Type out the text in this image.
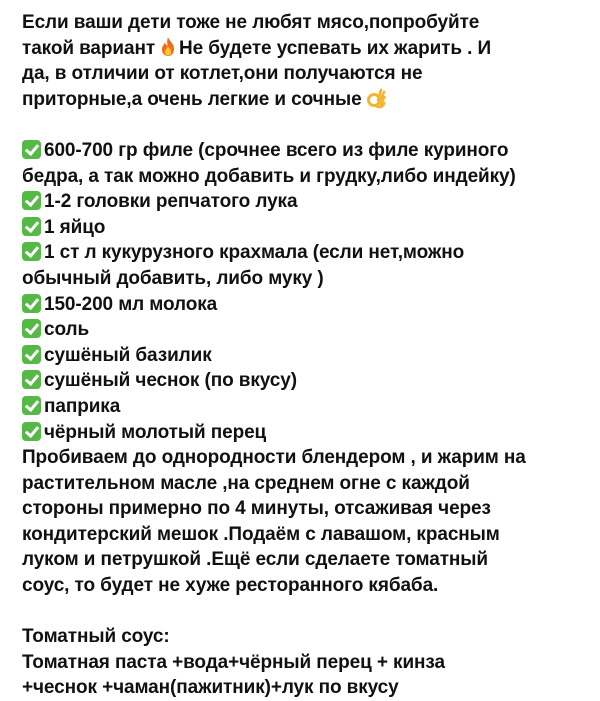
Если ваши дети тоже не любят мясо,попробуйте
такой вариант Не будете успевать их жарить . И
да, в отличии от котлет,они получаются не
приторные,а очень легкие и сочные
600-700 гр филе (срочнее всего из филе куриного
бедра, а так можно добавить и грудку,либо индейку)
1-2 головки репчатого лука
1 яйцо
1 ст л кукурузного крахмала (если нет,можно
обычный добавить, либо муку )
150-200 мл молока
соль
сушёный базилик
сушёный чеснок (по вкусу)
паприка
чёрный молотый перец
Пробиваем до однородности блендером , и жарим на
растительном масле ,на среднем огне с каждой
стороны примерно по 4 минуты, отсаживая через
кондитерский мешок .Подаём с лавашом, красным
луком и петрушкой .Ещё если сделаете томатный
соус, то будет не хуже ресторанного кябаба.
Томатный соус:
Томатная паста +вода+чёрный перец + кинза
+чеснок +чаман(пажитник)+лук по вкусу
